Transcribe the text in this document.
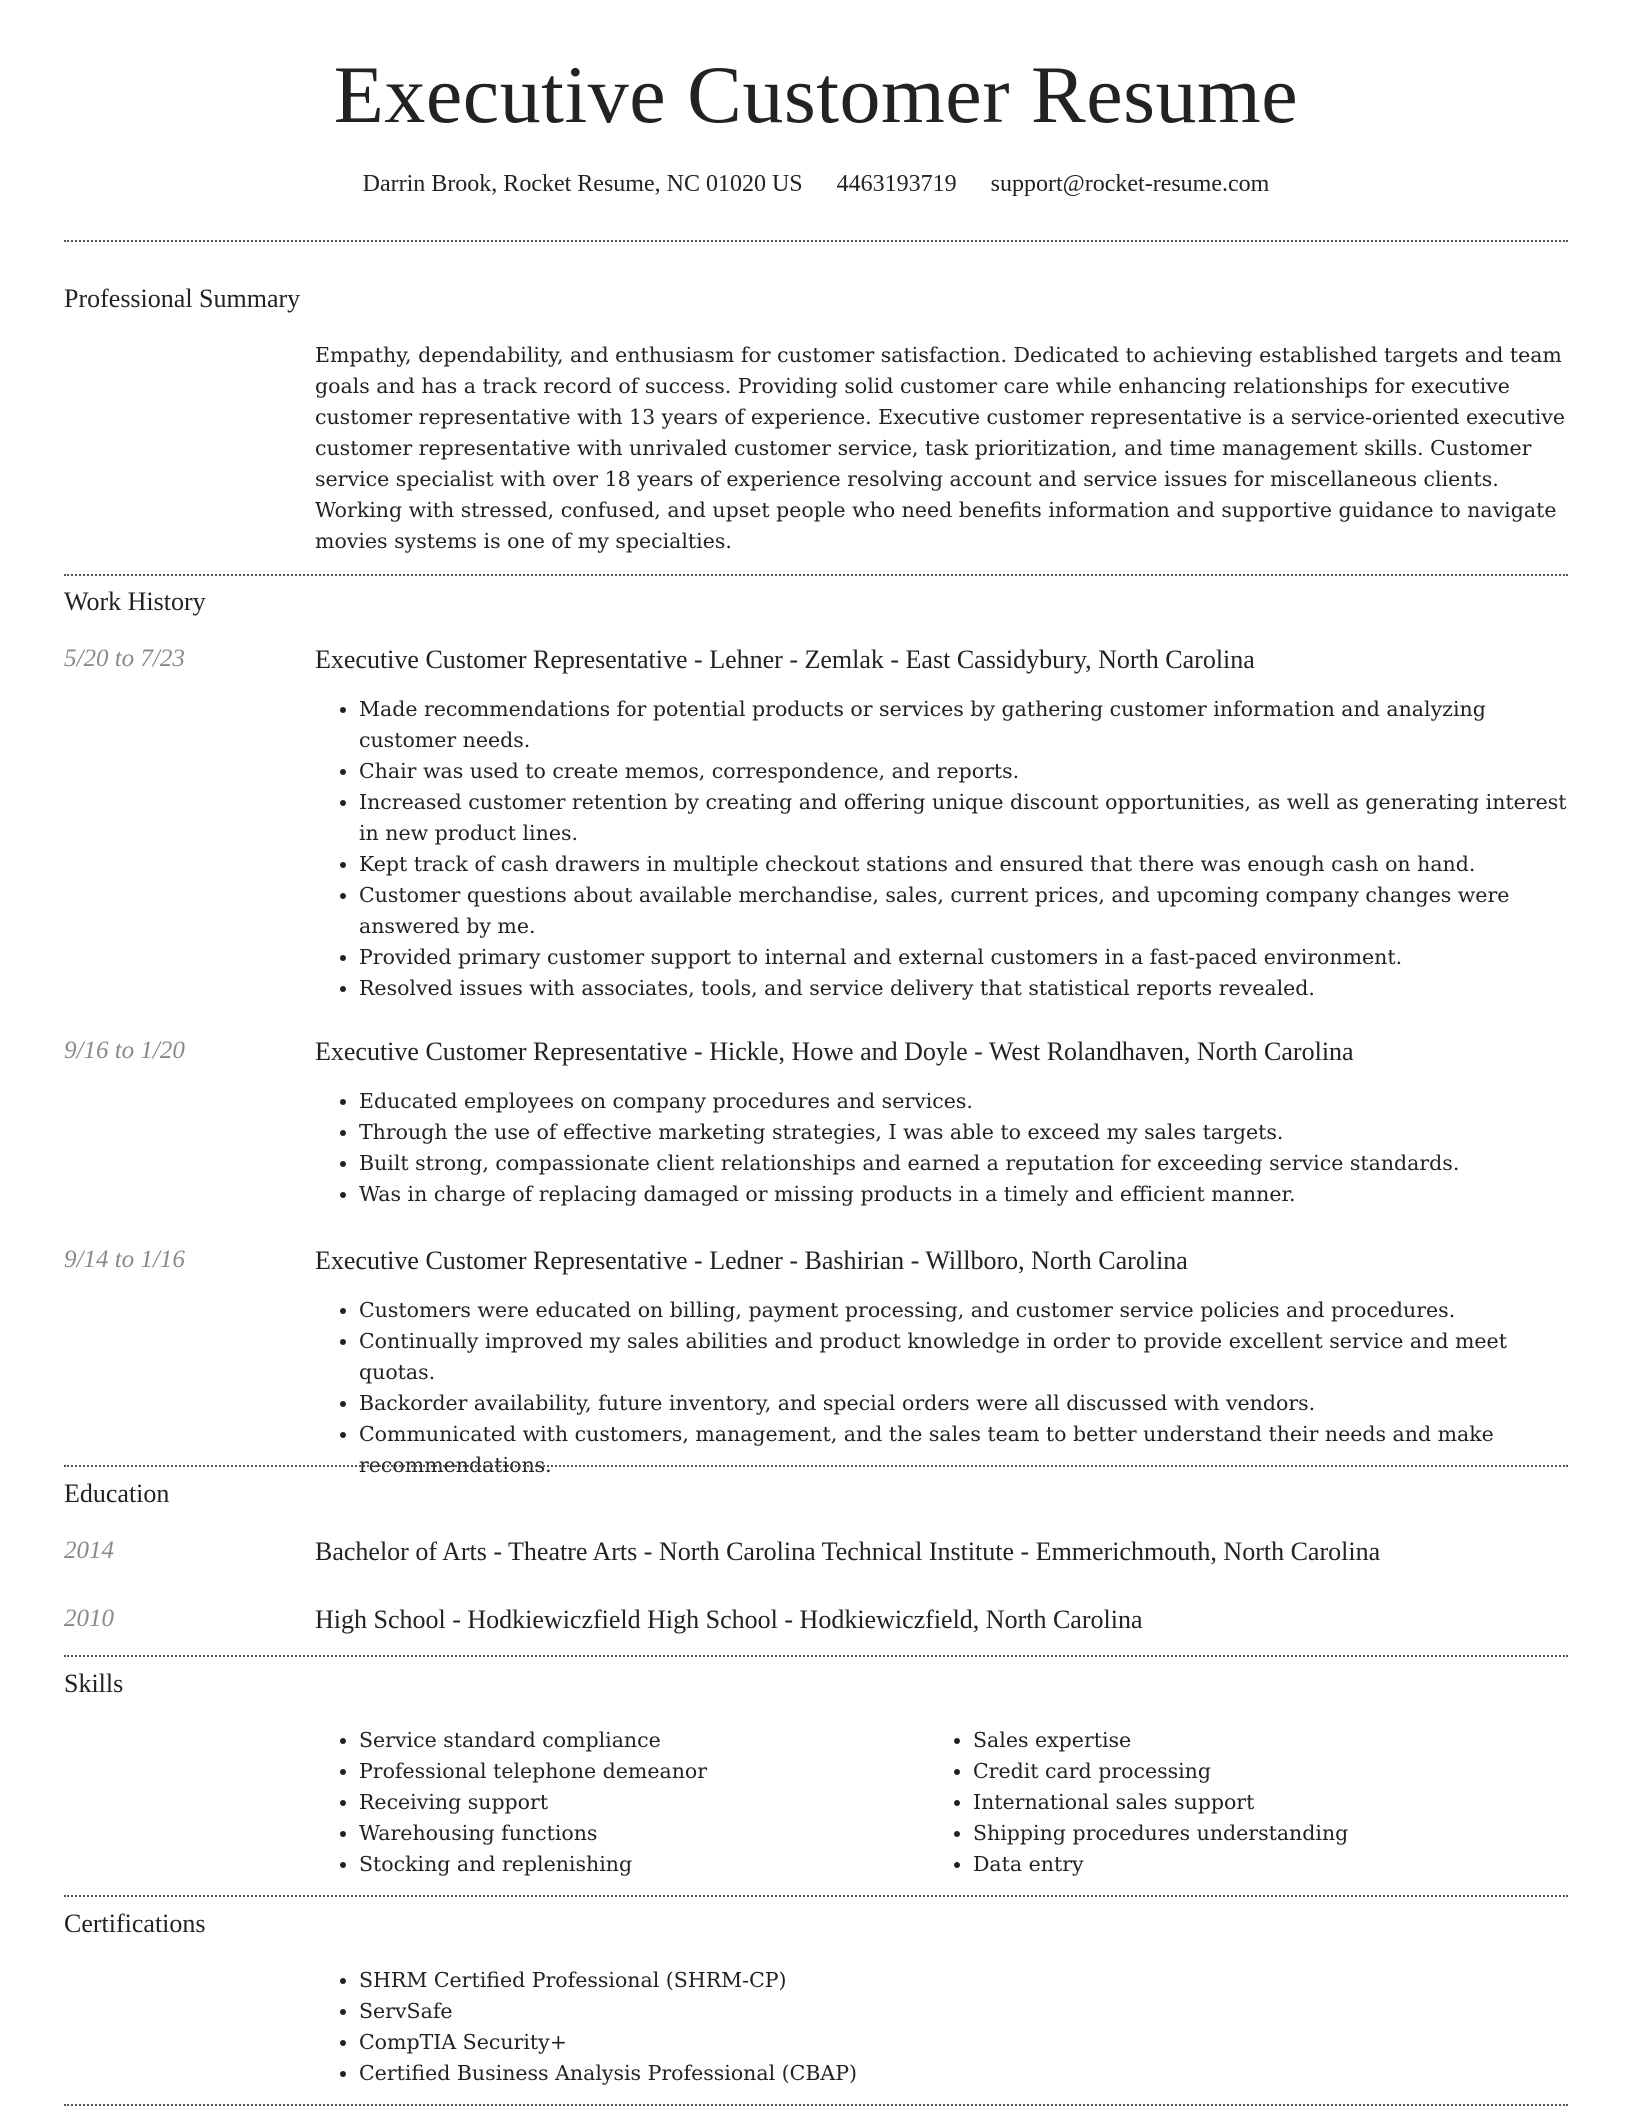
Executive Customer Resume
Darrin Brook, Rocket Resume, NC 01020 US 4463193719 support@rocket-resume.com
Professional Summary

Empathy, dependability, and enthusiasm for customer satisfaction. Dedicated to achieving established targets and team goals and has a track record of success. Providing solid customer care while enhancing relationships for executive customer representative with 13 years of experience. Executive customer representative is a service-oriented executive customer representative with unrivaled customer service, task prioritization, and time management skills. Customer service specialist with over 18 years of experience resolving account and service issues for miscellaneous clients. Working with stressed, confused, and upset people who need benefits information and supportive guidance to navigate movies systems is one of my specialties.

Work History
5/20 to 7/23	Executive Customer Representative - Lehner - Zemlak - East Cassidybury, North Carolina
• Made recommendations for potential products or services by gathering customer information and analyzing customer needs.
• Chair was used to create memos, correspondence, and reports.
• Increased customer retention by creating and offering unique discount opportunities, as well as generating interest in new product lines.
• Kept track of cash drawers in multiple checkout stations and ensured that there was enough cash on hand.
• Customer questions about available merchandise, sales, current prices, and upcoming company changes were answered by me.
• Provided primary customer support to internal and external customers in a fast-paced environment.
• Resolved issues with associates, tools, and service delivery that statistical reports revealed.
9/16 to 1/20	Executive Customer Representative - Hickle, Howe and Doyle - West Rolandhaven, North Carolina
• Educated employees on company procedures and services.
• Through the use of effective marketing strategies, I was able to exceed my sales targets.
• Built strong, compassionate client relationships and earned a reputation for exceeding service standards.
• Was in charge of replacing damaged or missing products in a timely and efficient manner.
9/14 to 1/16	Executive Customer Representative - Ledner - Bashirian - Willboro, North Carolina
• Customers were educated on billing, payment processing, and customer service policies and procedures.
• Continually improved my sales abilities and product knowledge in order to provide excellent service and meet quotas.
• Backorder availability, future inventory, and special orders were all discussed with vendors.
• Communicated with customers, management, and the sales team to better understand their needs and make recommendations.
Education
2014	Bachelor of Arts - Theatre Arts - North Carolina Technical Institute - Emmerichmouth, North Carolina
2010	High School - Hodkiewiczfield High School - Hodkiewiczfield, North Carolina
Skills
• Service standard compliance
• Professional telephone demeanor
• Receiving support
• Warehousing functions
• Stocking and replenishing
• Sales expertise
• Credit card processing
• International sales support
• Shipping procedures understanding
• Data entry
Certifications
• SHRM Certified Professional (SHRM-CP)
• ServSafe
• CompTIA Security+
• Certified Business Analysis Professional (CBAP)
